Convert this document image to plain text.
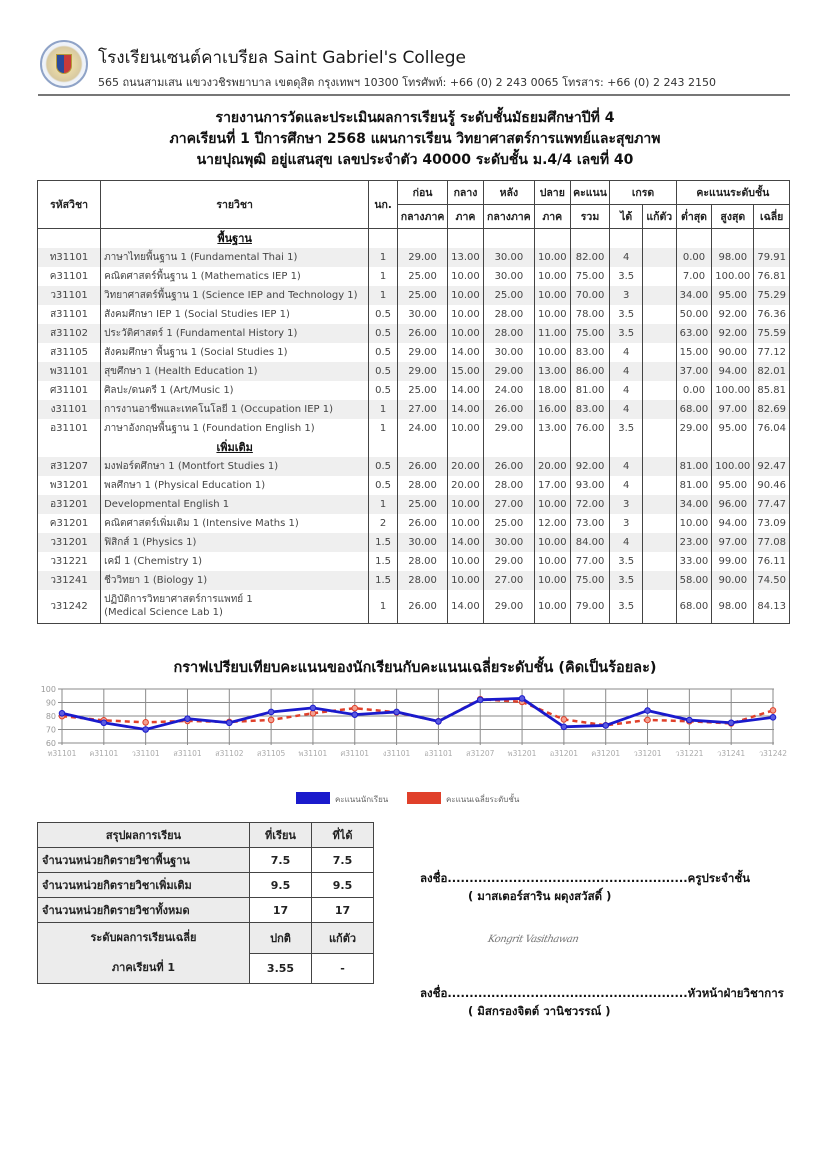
โรงเรียนเซนต์คาเบรียล Saint Gabriel's College
565 ถนนสามเสน แขวงวชิรพยาบาล เขตดุสิต กรุงเทพฯ 10300 โทรศัพท์: +66 (0) 2 243 0065 โทรสาร: +66 (0) 2 243 2150
รายงานการวัดและประเมินผลการเรียนรู้ ระดับชั้นมัธยมศึกษาปีที่ 4
ภาคเรียนที่ 1 ปีการศึกษา 2568 แผนการเรียน วิทยาศาสตร์การแพทย์และสุขภาพ
นายปุณพุฒิ อยู่แสนสุข เลขประจำตัว 40000 ระดับชั้น ม.4/4 เลขที่ 40
รหัสวิชา	รายวิชา	นก.	ก่อน	กลาง	หลัง	ปลาย	คะแนน	เกรด		คะแนนระดับชั้น		
			กลางภาค	ภาค	กลางภาค	ภาค	รวม	ได้	แก้ตัว	ต่ำสุด	สูงสุด	เฉลี่ย
	พื้นฐาน											
ท31101	ภาษาไทยพื้นฐาน 1 (Fundamental Thai 1)	1	29.00	13.00	30.00	10.00	82.00	4		0.00	98.00	79.91
ค31101	คณิตศาสตร์พื้นฐาน 1 (Mathematics IEP 1)	1	25.00	10.00	30.00	10.00	75.00	3.5		7.00	100.00	76.81
ว31101	วิทยาศาสตร์พื้นฐาน 1 (Science IEP and Technology 1)	1	25.00	10.00	25.00	10.00	70.00	3		34.00	95.00	75.29
ส31101	สังคมศึกษา IEP 1 (Social Studies IEP 1)	0.5	30.00	10.00	28.00	10.00	78.00	3.5		50.00	92.00	76.36
ส31102	ประวัติศาสตร์ 1 (Fundamental History 1)	0.5	26.00	10.00	28.00	11.00	75.00	3.5		63.00	92.00	75.59
ส31105	สังคมศึกษา พื้นฐาน 1 (Social Studies 1)	0.5	29.00	14.00	30.00	10.00	83.00	4		15.00	90.00	77.12
พ31101	สุขศึกษา 1 (Health Education 1)	0.5	29.00	15.00	29.00	13.00	86.00	4		37.00	94.00	82.01
ศ31101	ศิลปะ/ดนตรี 1 (Art/Music 1)	0.5	25.00	14.00	24.00	18.00	81.00	4		0.00	100.00	85.81
ง31101	การงานอาชีพและเทคโนโลยี 1 (Occupation IEP 1)	1	27.00	14.00	26.00	16.00	83.00	4		68.00	97.00	82.69
อ31101	ภาษาอังกฤษพื้นฐาน 1 (Foundation English 1)	1	24.00	10.00	29.00	13.00	76.00	3.5		29.00	95.00	76.04
	เพิ่มเติม											
ส31207	มงฟอร์ตศึกษา 1 (Montfort Studies 1)	0.5	26.00	20.00	26.00	20.00	92.00	4		81.00	100.00	92.47
พ31201	พลศึกษา 1 (Physical Education 1)	0.5	28.00	20.00	28.00	17.00	93.00	4		81.00	95.00	90.46
อ31201	Developmental English 1	1	25.00	10.00	27.00	10.00	72.00	3		34.00	96.00	77.47
ค31201	คณิตศาสตร์เพิ่มเติม 1 (Intensive Maths 1)	2	26.00	10.00	25.00	12.00	73.00	3		10.00	94.00	73.09
ว31201	ฟิสิกส์ 1 (Physics 1)	1.5	30.00	14.00	30.00	10.00	84.00	4		23.00	97.00	77.08
ว31221	เคมี 1 (Chemistry 1)	1.5	28.00	10.00	29.00	10.00	77.00	3.5		33.00	99.00	76.11
ว31241	ชีววิทยา 1 (Biology 1)	1.5	28.00	10.00	27.00	10.00	75.00	3.5		58.00	90.00	74.50
ว31242	ปฏิบัติการวิทยาศาสตร์การแพทย์ 1
(Medical Science Lab 1)	1	26.00	14.00	29.00	10.00	79.00	3.5		68.00	98.00	84.13
กราฟเปรียบเทียบคะแนนของนักเรียนกับคะแนนเฉลี่ยระดับชั้น (คิดเป็นร้อยละ)
60
70
80
90
100
ท31101 ค31101 ว31101 ส31101 ส31102 ส31105 พ31101 ศ31101 ง31101 อ31101 ส31207 พ31201 อ31201 ค31201 ว31201 ว31221 ว31241 ว31242
คะแนนนักเรียน	คะแนนเฉลี่ยระดับชั้น
สรุปผลการเรียน	ที่เรียน	ที่ได้
จำนวนหน่วยกิตรายวิชาพื้นฐาน	7.5	7.5
จำนวนหน่วยกิตรายวิชาเพิ่มเติม	9.5	9.5
จำนวนหน่วยกิตรายวิชาทั้งหมด	17	17

ระดับผลการเรียนเฉลี่ย
ภาคเรียนที่ 1	ปกติ	แก้ตัว
	3.55	-
ลงชื่อ.......................................................ครูประจำชั้น
( มาสเตอร์สาริน ผดุงสวัสดิ์ )
Kongrit Vasithawan
ลงชื่อ.......................................................หัวหน้าฝ่ายวิชาการ
( มิสกรองจิตต์ วานิชวรรณ์ )
